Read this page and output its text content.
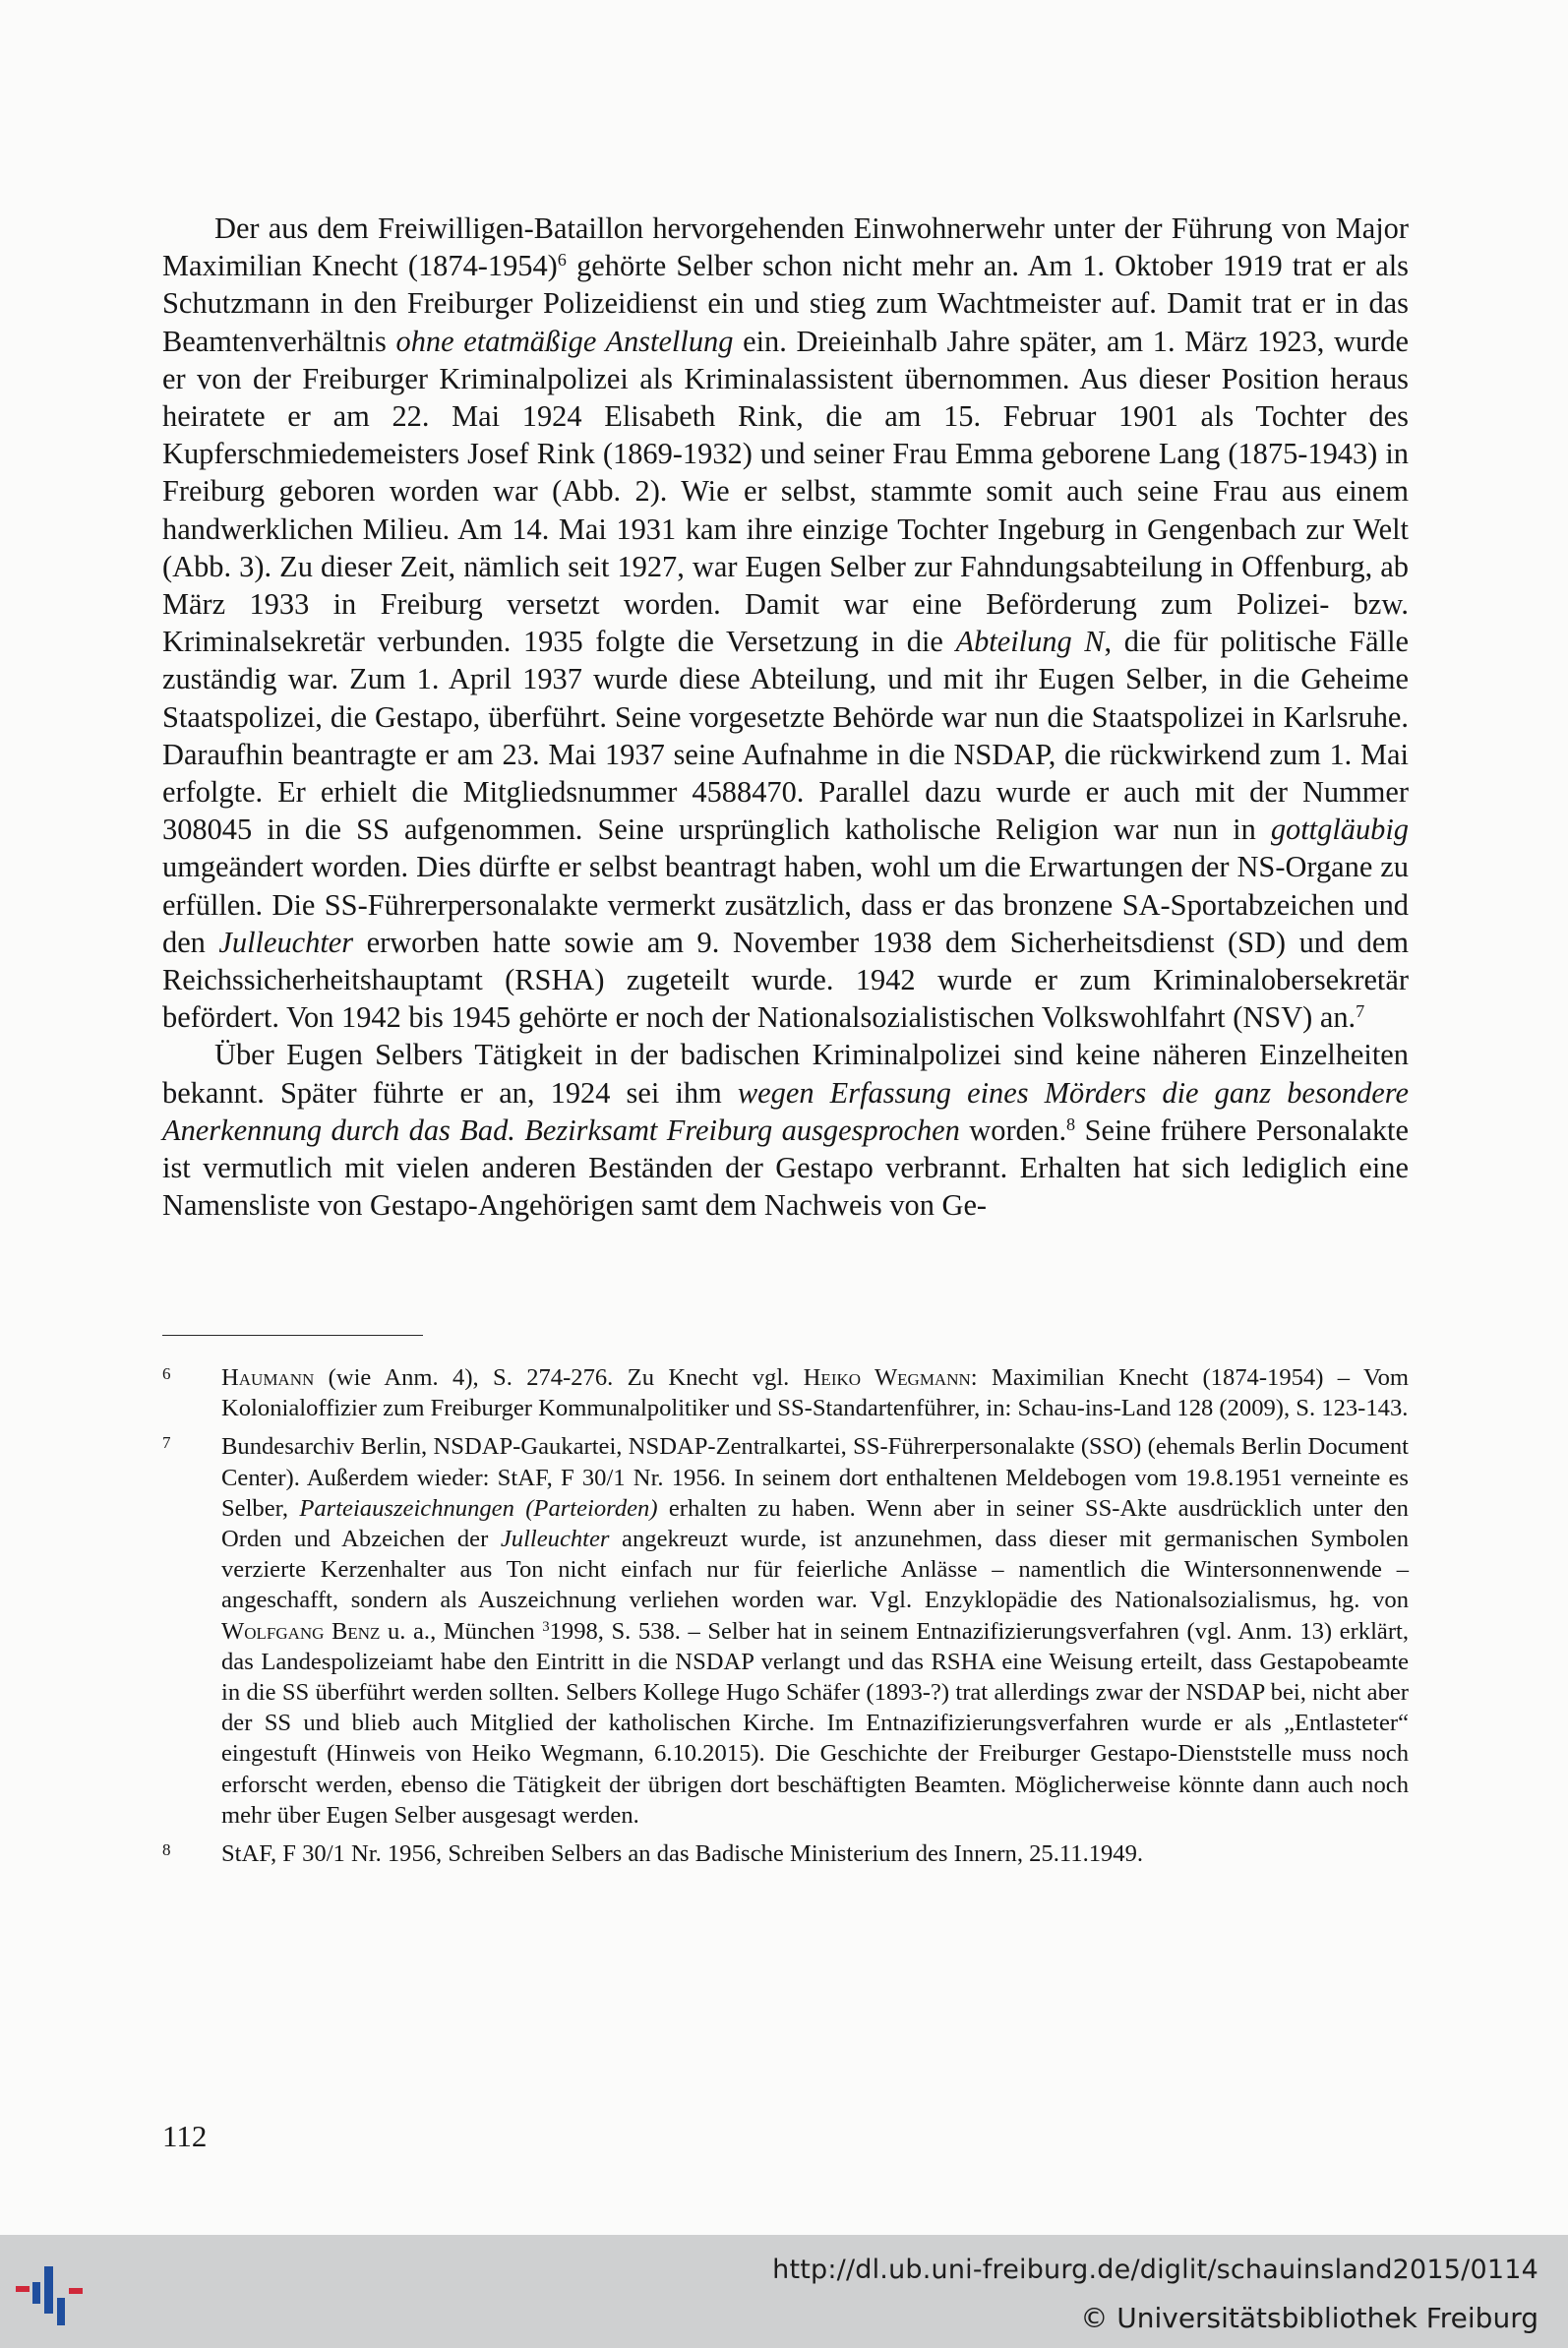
Der aus dem Freiwilligen-Bataillon hervorgehenden Einwohnerwehr unter der Führung von Major Maximilian Knecht (1874-1954)$^6$ gehörte Selber schon nicht mehr an. Am 1. Oktober 1919 trat er als Schutzmann in den Freiburger Polizeidienst ein und stieg zum Wachtmeister auf. Damit trat er in das Beamtenverhältnis ohne etatmäßige Anstellung ein. Dreieinhalb Jahre später, am 1. März 1923, wurde er von der Freiburger Kriminalpolizei als Kriminalassistent übernommen. Aus dieser Position heraus heiratete er am 22. Mai 1924 Elisabeth Rink, die am 15. Februar 1901 als Tochter des Kupferschmiedemeisters Josef Rink (1869-1932) und seiner Frau Emma geborene Lang (1875-1943) in Freiburg geboren worden war (Abb. 2). Wie er selbst, stammte somit auch seine Frau aus einem handwerklichen Milieu. Am 14. Mai 1931 kam ihre einzige Tochter Ingeburg in Gengenbach zur Welt (Abb. 3). Zu dieser Zeit, nämlich seit 1927, war Eugen Selber zur Fahndungsabteilung in Offenburg, ab März 1933 in Freiburg versetzt worden. Damit war eine Beförderung zum Polizei- bzw. Kriminalsekretär verbunden. 1935 folgte die Versetzung in die Abteilung N, die für politische Fälle zuständig war. Zum 1. April 1937 wurde diese Abteilung, und mit ihr Eugen Selber, in die Geheime Staatspolizei, die Gestapo, überführt. Seine vorgesetzte Behörde war nun die Staatspolizei in Karlsruhe. Daraufhin beantragte er am 23. Mai 1937 seine Aufnahme in die NSDAP, die rückwirkend zum 1. Mai erfolgte. Er erhielt die Mitgliedsnummer 4588470. Parallel dazu wurde er auch mit der Nummer 308045 in die SS aufgenommen. Seine ursprünglich katholische Religion war nun in gottgläubig umgeändert worden. Dies dürfte er selbst beantragt haben, wohl um die Erwartungen der NS-Organe zu erfüllen. Die SS-Führerpersonalakte vermerkt zusätzlich, dass er das bronzene SA-Sportabzeichen und den Julleuchter erworben hatte sowie am 9. November 1938 dem Sicherheitsdienst (SD) und dem Reichssicherheitshauptamt (RSHA) zugeteilt wurde. 1942 wurde er zum Kriminalobersekretär befördert. Von 1942 bis 1945 gehörte er noch der Nationalsozialistischen Volkswohlfahrt (NSV) an.$^7$

Über Eugen Selbers Tätigkeit in der badischen Kriminalpolizei sind keine näheren Einzelheiten bekannt. Später führte er an, 1924 sei ihm wegen Erfassung eines Mörders die ganz besondere Anerkennung durch das Bad. Bezirksamt Freiburg ausgesprochen worden.$^8$ Seine frühere Personalakte ist vermutlich mit vielen anderen Beständen der Gestapo verbrannt. Erhalten hat sich lediglich eine Namensliste von Gestapo-Angehörigen samt dem Nachweis von Ge-

6	Haumann (wie Anm. 4), S. 274-276. Zu Knecht vgl. Heiko Wegmann: Maximilian Knecht (1874-1954) – Vom Kolonialoffizier zum Freiburger Kommunalpolitiker und SS-Standartenführer, in: Schau-ins-Land 128 (2009), S. 123-143.
7	Bundesarchiv Berlin, NSDAP-Gaukartei, NSDAP-Zentralkartei, SS-Führerpersonalakte (SSO) (ehemals Berlin Document Center). Außerdem wieder: StAF, F 30/1 Nr. 1956. In seinem dort enthaltenen Meldebogen vom 19.8.1951 verneinte es Selber, Parteiauszeichnungen (Parteiorden) erhalten zu haben. Wenn aber in seiner SS-Akte ausdrücklich unter den Orden und Abzeichen der Julleuchter angekreuzt wurde, ist anzunehmen, dass dieser mit germanischen Symbolen verzierte Kerzenhalter aus Ton nicht einfach nur für feierliche Anlässe – namentlich die Wintersonnenwende – angeschafft, sondern als Auszeichnung verliehen worden war. Vgl. Enzyklopädie des Nationalsozialismus, hg. von Wolfgang Benz u. a., München $^3$1998, S. 538. – Selber hat in seinem Entnazifizierungsverfahren (vgl. Anm. 13) erklärt, das Landespolizeiamt habe den Eintritt in die NSDAP verlangt und das RSHA eine Weisung erteilt, dass Gestapobeamte in die SS überführt werden sollten. Selbers Kollege Hugo Schäfer (1893-?) trat allerdings zwar der NSDAP bei, nicht aber der SS und blieb auch Mitglied der katholischen Kirche. Im Entnazifizierungsverfahren wurde er als „Entlasteter“ eingestuft (Hinweis von Heiko Wegmann, 6.10.2015). Die Geschichte der Freiburger Gestapo-Dienststelle muss noch erforscht werden, ebenso die Tätigkeit der übrigen dort beschäftigten Beamten. Möglicherweise könnte dann auch noch mehr über Eugen Selber ausgesagt werden.
8	StAF, F 30/1 Nr. 1956, Schreiben Selbers an das Badische Ministerium des Innern, 25.11.1949.
112
http://dl.ub.uni-freiburg.de/diglit/schauinsland2015/0114
© Universitätsbibliothek Freiburg
